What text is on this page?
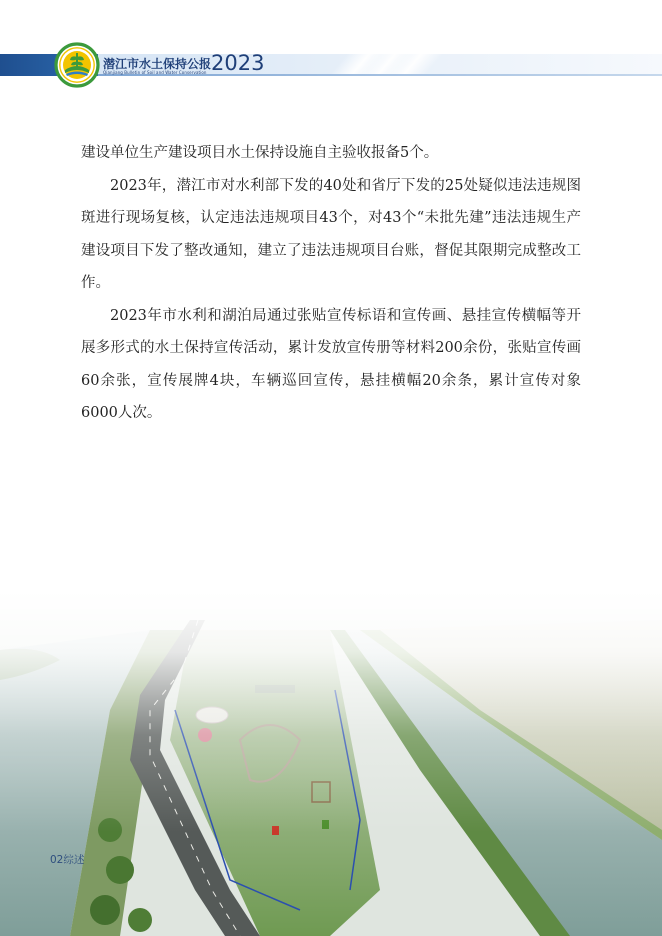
潜江市水土保持公报
Qianjiang Bulletin of Soil and Water Conservation 2023

建设单位生产建设项目水土保持设施自主验收报备5个。

2023年，潜江市对水利部下发的40处和省厅下发的25处疑似违法违规图斑进行现场复核，认定违法违规项目43个，对43个“未批先建”违法违规生产建设项目下发了整改通知，建立了违法违规项目台账，督促其限期完成整改工作。

2023年市水利和湖泊局通过张贴宣传标语和宣传画、悬挂宣传横幅等开展多形式的水土保持宣传活动，累计发放宣传册等材料200余份，张贴宣传画60余张，宣传展牌4块，车辆巡回宣传，悬挂横幅20余条，累计宣传对象6000人次。

02综述
